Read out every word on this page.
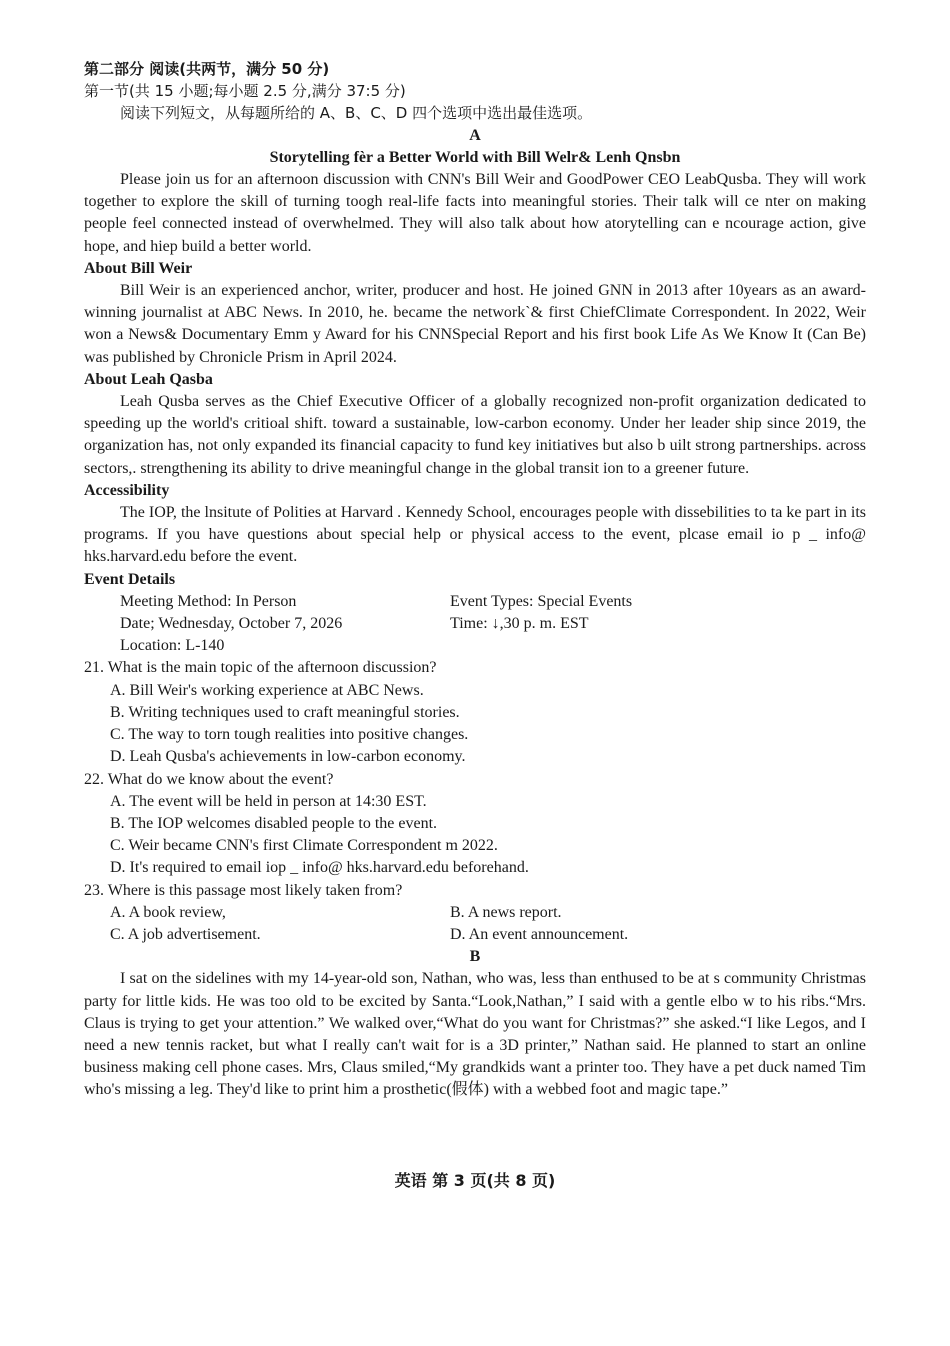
第二部分 阅读(共两节，满分 50 分)

第一节(共 15 小题;每小题 2.5 分,满分 37:5 分)

阅读下列短文，从每题所给的 A、B、C、D 四个选项中选出最佳选项。

A

Storytelling fèr a Better World with Bill Welr& Lenh Qnsbn

Please join us for an afternoon discussion with CNN's Bill Weir and GoodPower CEO LeabQusba. They will work together to explore the skill of turning toogh real-life facts into meaningful stories. Their talk will ce nter on making people feel connected instead of overwhelmed. They will also talk about how atorytelling can e ncourage action, give hope, and hiep build a better world.

About Bill Weir

Bill Weir is an experienced anchor, writer, producer and host. He joined GNN in 2013 after 10years as an award-winning journalist at ABC News. In 2010, he. became the network`& first ChiefClimate Correspondent. In 2022, Weir won a News& Documentary Emm y Award for his CNNSpecial Report and his first book Life As We Know It (Can Be) was published by Chronicle Prism in April 2024.

About Leah Qasba

Leah Qusba serves as the Chief Executive Officer of a globally recognized non-profit organization dedicated to speeding up the world's critioal shift. toward a sustainable, low-carbon economy. Under her leader ship since 2019, the organization has, not only expanded its financial capacity to fund key initiatives but also b uilt strong partnerships. across sectors,. strengthening its ability to drive meaningful change in the global transit ion to a greener future.

Accessibility

The IOP, the lnsitute of Polities at Harvard . Kennedy School, encourages people with dissebilities to ta ke part in its programs. If you have questions about special help or physical access to the event, plcase email io p _ info@ hks.harvard.edu before the event.

Event Details

Meeting Method: In Person	Event Types: Special Events
Date; Wednesday, October 7, 2026	Time: ↓,30 p. m. EST
Location: L-140

21. What is the main topic of the afternoon discussion?

A. Bill Weir's working experience at ABC News.

B. Writing techniques used to craft meaningful stories.

C. The way to torn tough realities into positive changes.

D. Leah Qusba's achievements in low-carbon economy.

22. What do we know about the event?

A. The event will be held in person at 14:30 EST.

B. The IOP welcomes disabled people to the event.

C. Weir became CNN's first Climate Correspondent m 2022.

D. It's required to email iop _ info@ hks.harvard.edu beforehand.

23. Where is this passage most likely taken from?

A. A book review,	B. A news report.
C. A job advertisement.	D. An event announcement.

B

I sat on the sidelines with my 14-year-old son, Nathan, who was, less than enthused to be at s community Christmas party for little kids. He was too old to be excited by Santa.“Look,Nathan,” I said with a gentle elbo w to his ribs.“Mrs. Claus is trying to get your attention.” We walked over,“What do you want for Christmas?” she asked.“I like Legos, and I need a new tennis racket, but what I really can't wait for is a 3D printer,” Nathan said. He planned to start an online business making cell phone cases. Mrs, Claus smiled,“My grandkids want a printer too. They have a pet duck named Tim who's missing a leg. They'd like to print him a prosthetic(假体) with a webbed foot and magic tape.”

英语 第 3 页(共 8 页)
